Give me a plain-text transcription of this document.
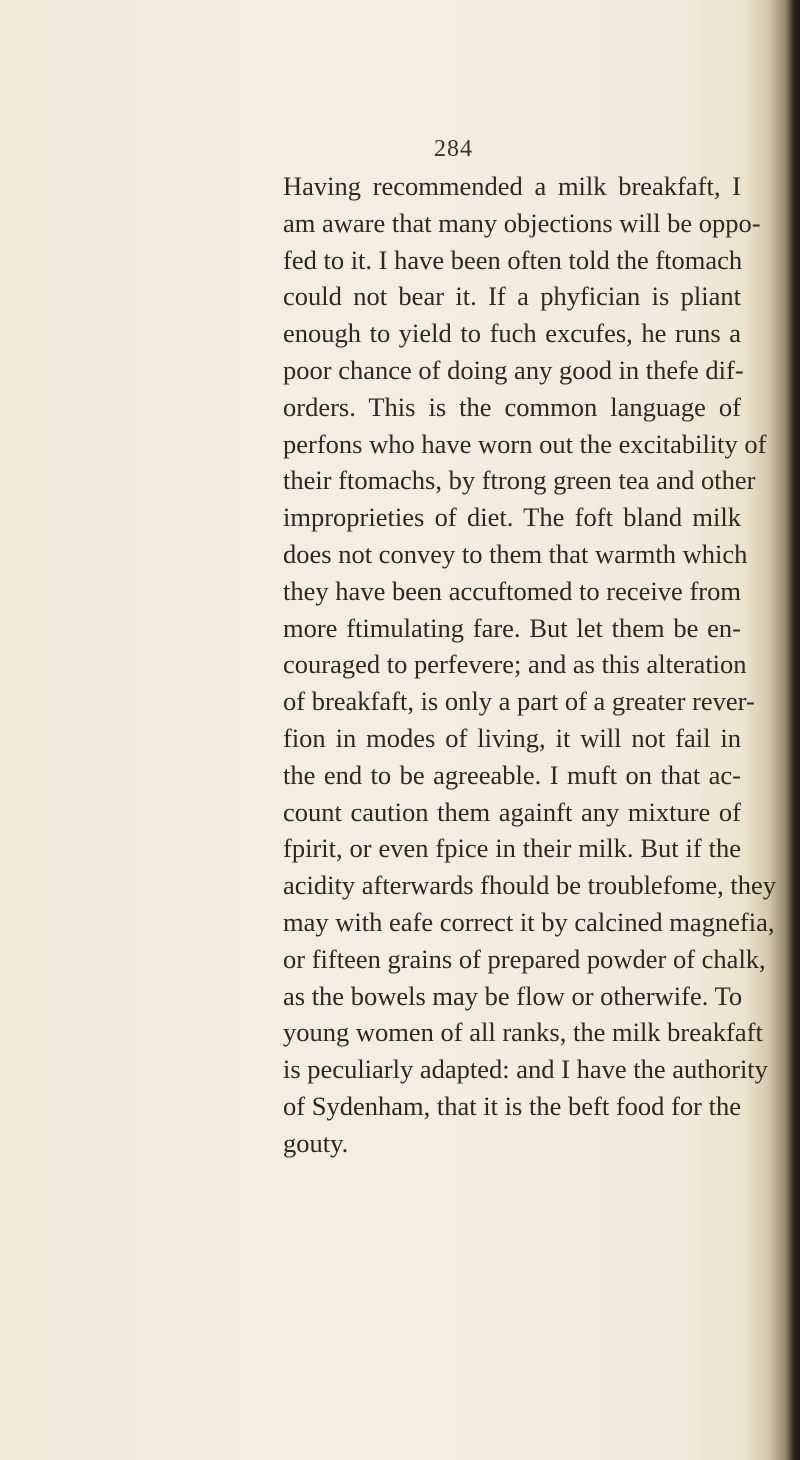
284
Having recommended a milk breakfaft, I
am aware that many objections will be oppo-
fed to it. I have been often told the ftomach
could not bear it. If a phyfician is pliant
enough to yield to fuch excufes, he runs a
poor chance of doing any good in thefe dif-
orders. This is the common language of
perfons who have worn out the excitability of
their ftomachs, by ftrong green tea and other
improprieties of diet. The foft bland milk
does not convey to them that warmth which
they have been accuftomed to receive from
more ftimulating fare. But let them be en-
couraged to perfevere; and as this alteration
of breakfaft, is only a part of a greater rever-
fion in modes of living, it will not fail in
the end to be agreeable. I muft on that ac-
count caution them againft any mixture of
fpirit, or even fpice in their milk. But if the
acidity afterwards fhould be troublefome, they
may with eafe correct it by calcined magnefia,
or fifteen grains of prepared powder of chalk,
as the bowels may be flow or otherwife. To
young women of all ranks, the milk breakfaft
is peculiarly adapted: and I have the authority
of Sydenham, that it is the beft food for the
gouty.
